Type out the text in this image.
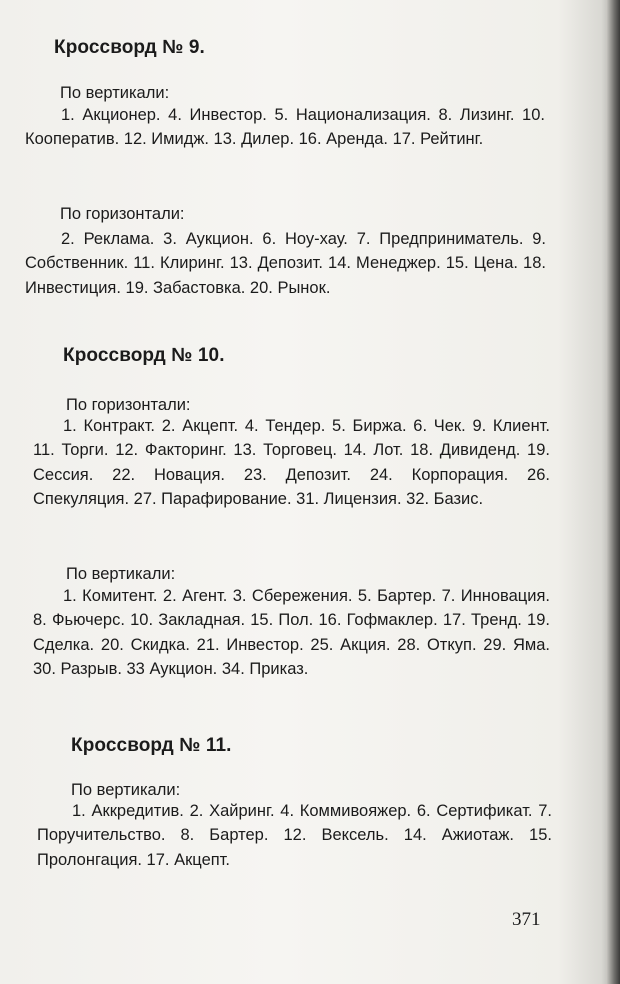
Кроссворд № 9.
По вертикали:
1. Акционер. 4. Инвестор. 5. Национализация. 8. Лизинг. 10. Кооператив. 12. Имидж. 13. Дилер. 16. Аренда. 17. Рейтинг.
По горизонтали:
2. Реклама. 3. Аукцион. 6. Ноу-хау. 7. Предприниматель. 9. Собственник. 11. Клиринг. 13. Депозит. 14. Менеджер. 15. Цена. 18. Инвестиция. 19. Забастовка. 20. Рынок.
Кроссворд № 10.
По горизонтали:
1. Контракт. 2. Акцепт. 4. Тендер. 5. Биржа. 6. Чек. 9. Клиент. 11. Торги. 12. Факторинг. 13. Торговец. 14. Лот. 18. Дивиденд. 19. Сессия. 22. Новация. 23. Депозит. 24. Корпорация. 26. Спекуляция. 27. Парафирование. 31. Лицензия. 32. Базис.
По вертикали:
1. Комитент. 2. Агент. 3. Сбережения. 5. Бартер. 7. Инновация. 8. Фьючерс. 10. Закладная. 15. Пол. 16. Гофмаклер. 17. Тренд. 19. Сделка. 20. Скидка. 21. Инвестор. 25. Акция. 28. Откуп. 29. Яма. 30. Разрыв. 33 Аукцион. 34. Приказ.
Кроссворд № 11.
По вертикали:
1. Аккредитив. 2. Хайринг. 4. Коммивояжер. 6. Сертификат. 7. Поручительство. 8. Бартер. 12. Вексель. 14. Ажиотаж. 15. Пролонгация. 17. Акцепт.
371
